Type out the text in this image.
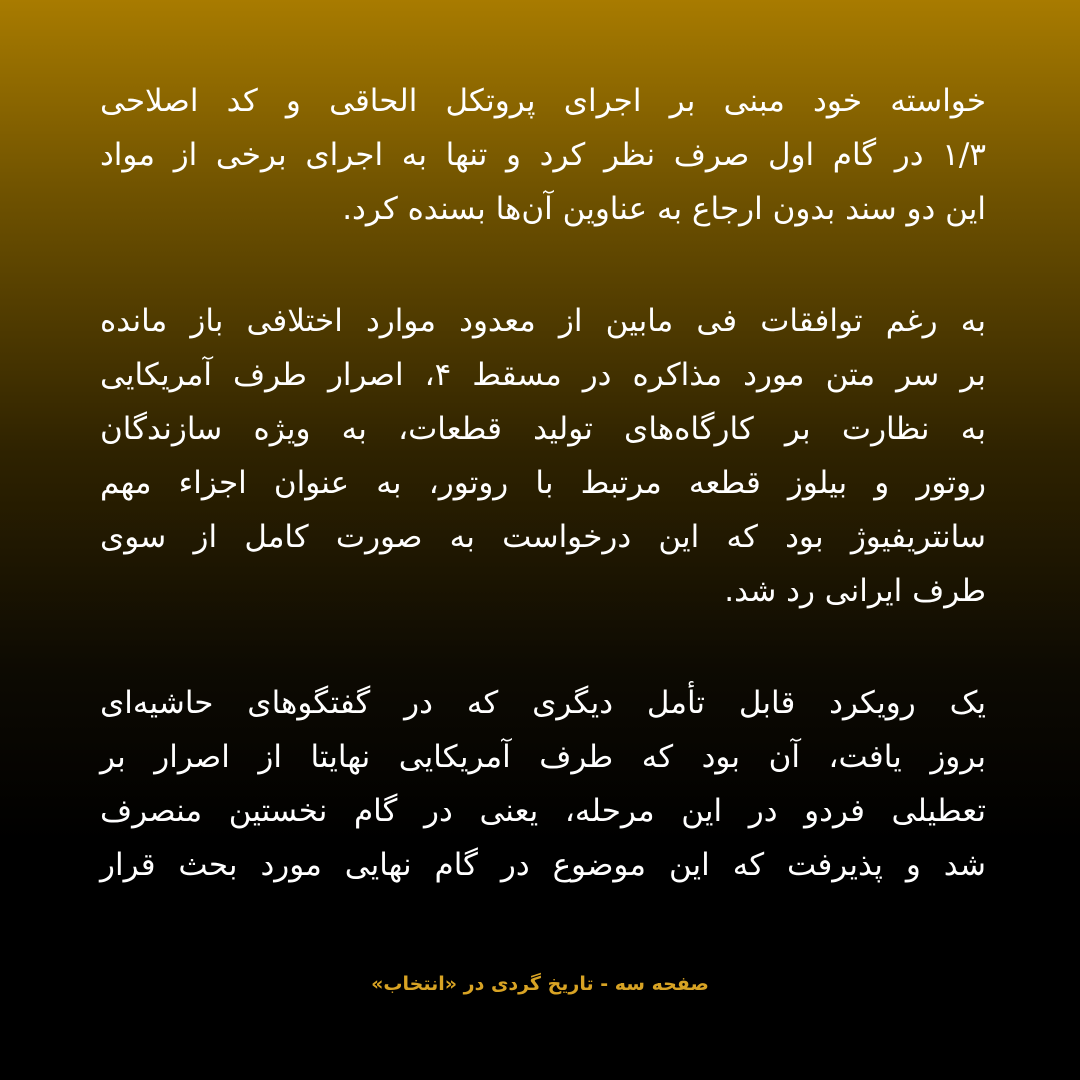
خواسته خود مبنی بر اجرای پروتکل الحاقی و کد اصلاحی
۱/۳ در گام اول صرف نظر کرد و تنها به اجرای برخی از مواد
این دو سند بدون ارجاع به عناوین آن‌ها بسنده کرد.
به رغم توافقات فی مابین از معدود موارد اختلافی باز مانده
بر سر متن مورد مذاکره در مسقط ۴، اصرار طرف آمریکایی
به نظارت بر کارگاه‌های تولید قطعات، به ویژه سازندگان
روتور و بیلوز قطعه مرتبط با روتور، به عنوان اجزاء مهم
سانتریفیوژ بود که این درخواست به صورت کامل از سوی
طرف ایرانی رد شد.
یک رویکرد قابل تأمل دیگری که در گفتگوهای حاشیه‌ای
بروز یافت، آن بود که طرف آمریکایی نهایتا از اصرار بر
تعطیلی فردو در این مرحله، یعنی در گام نخستین منصرف
شد و پذیرفت که این موضوع در گام نهایی مورد بحث قرار
صفحه سه - تاریخ گردی در «انتخاب»
